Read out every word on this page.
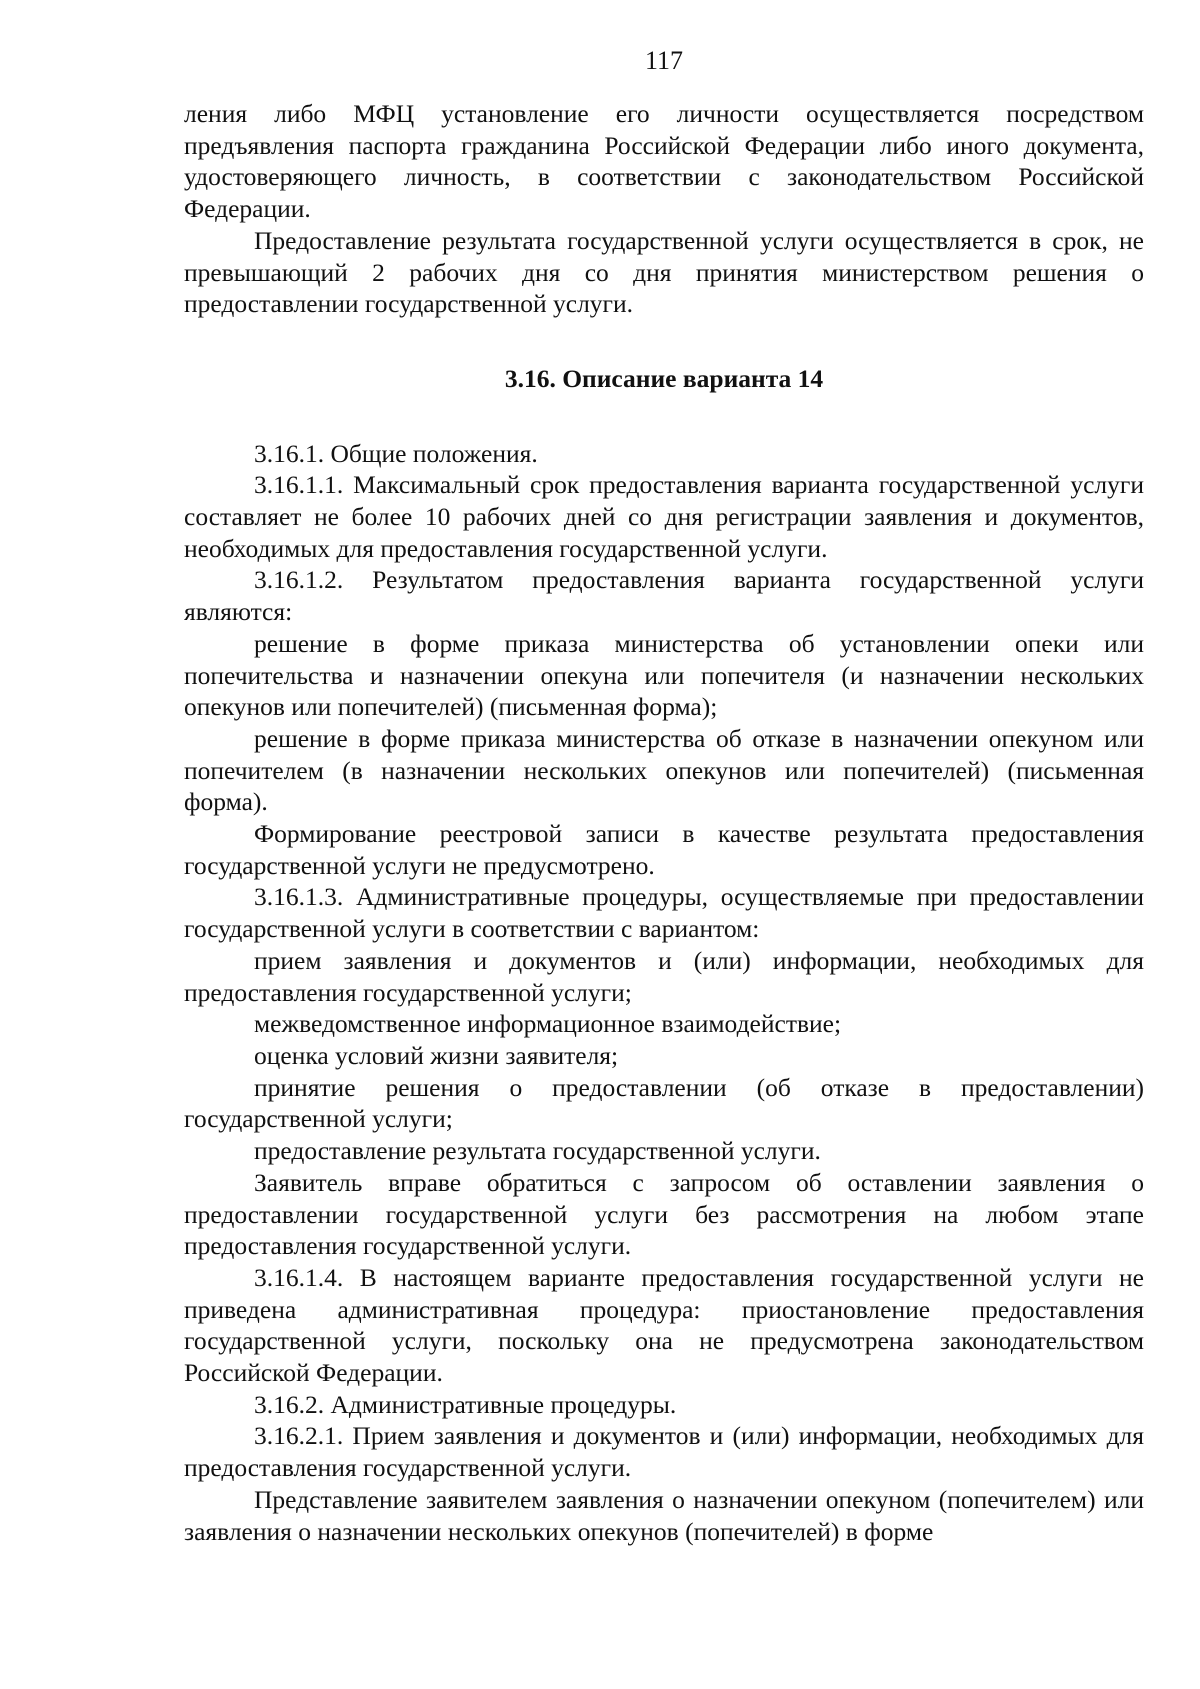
117

ления либо МФЦ установление его личности осуществляется посредством предъявления паспорта гражданина Российской Федерации либо иного документа, удостоверяющего личность, в соответствии с законодательством Российской Федерации.

Предоставление результата государственной услуги осуществляется в срок, не превышающий 2 рабочих дня со дня принятия министерством решения о предоставлении государственной услуги.

3.16. Описание варианта 14

3.16.1. Общие положения.

3.16.1.1. Максимальный срок предоставления варианта государственной услуги составляет не более 10 рабочих дней со дня регистрации заявления и документов, необходимых для предоставления государственной услуги.

3.16.1.2. Результатом предоставления варианта государственной услуги являются:

решение в форме приказа министерства об установлении опеки или попечительства и назначении опекуна или попечителя (и назначении нескольких опекунов или попечителей) (письменная форма);

решение в форме приказа министерства об отказе в назначении опекуном или попечителем (в назначении нескольких опекунов или попечителей) (письменная форма).

Формирование реестровой записи в качестве результата предоставления государственной услуги не предусмотрено.

3.16.1.3. Административные процедуры, осуществляемые при предоставлении государственной услуги в соответствии с вариантом:

прием заявления и документов и (или) информации, необходимых для предоставления государственной услуги;

межведомственное информационное взаимодействие;

оценка условий жизни заявителя;

принятие решения о предоставлении (об отказе в предоставлении) государственной услуги;

предоставление результата государственной услуги.

Заявитель вправе обратиться с запросом об оставлении заявления о предоставлении государственной услуги без рассмотрения на любом этапе предоставления государственной услуги.

3.16.1.4. В настоящем варианте предоставления государственной услуги не приведена административная процедура: приостановление предоставления государственной услуги, поскольку она не предусмотрена законодательством Российской Федерации.

3.16.2. Административные процедуры.

3.16.2.1. Прием заявления и документов и (или) информации, необходимых для предоставления государственной услуги.

Представление заявителем заявления о назначении опекуном (попечителем) или заявления о назначении нескольких опекунов (попечителей) в форме
